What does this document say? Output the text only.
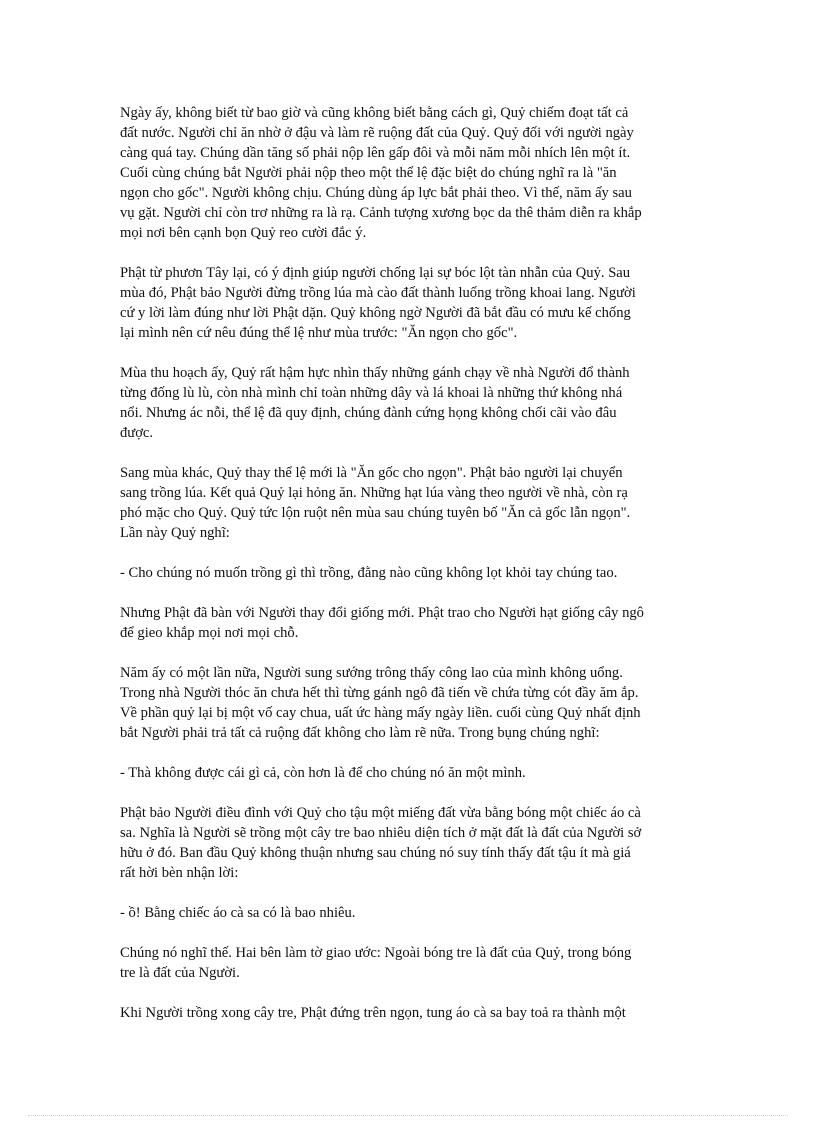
Ngày ấy, không biết từ bao giờ và cũng không biết bằng cách gì, Quỷ chiếm đoạt tất cả
đất nước. Người chỉ ăn nhờ ở đậu và làm rẽ ruộng đất của Quỷ. Quỷ đối với người ngày
càng quá tay. Chúng dần tăng số phải nộp lên gấp đôi và mỗi năm mỗi nhích lên một ít.
Cuối cùng chúng bắt Người phải nộp theo một thể lệ đặc biệt do chúng nghĩ ra là "ăn
ngọn cho gốc". Người không chịu. Chúng dùng áp lực bắt phải theo. Vì thế, năm ấy sau
vụ gặt. Người chỉ còn trơ những ra là rạ. Cảnh tượng xương bọc da thê thảm diễn ra khắp
mọi nơi bên cạnh bọn Quỷ reo cười đắc ý.

Phật từ phươn Tây lại, có ý định giúp người chống lại sự bóc lột tàn nhẫn của Quỷ. Sau
mùa đó, Phật bảo Người đừng trồng lúa mà cào đất thành luống trồng khoai lang. Người
cứ y lời làm đúng như lời Phật dặn. Quỷ không ngờ Người đã bắt đầu có mưu kế chống
lại mình nên cứ nêu đúng thể lệ như mùa trước: "Ăn ngọn cho gốc".

Mùa thu hoạch ấy, Quỷ rất hậm hực nhìn thấy những gánh chạy về nhà Người đổ thành
từng đống lù lù, còn nhà mình chỉ toàn những dây và lá khoai là những thứ không nhá
nổi. Nhưng ác nỗi, thể lệ đã quy định, chúng đành cứng họng không chối cãi vào đâu
được.

Sang mùa khác, Quỷ thay thể lệ mới là "Ăn gốc cho ngọn". Phật bảo người lại chuyển
sang trồng lúa. Kết quả Quỷ lại hỏng ăn. Những hạt lúa vàng theo người về nhà, còn rạ
phó mặc cho Quỷ. Quỷ tức lộn ruột nên mùa sau chúng tuyên bố "Ăn cả gốc lẫn ngọn".
Lần này Quỷ nghĩ:

- Cho chúng nó muốn trồng gì thì trồng, đằng nào cũng không lọt khỏi tay chúng tao.

Nhưng Phật đã bàn với Người thay đổi giống mới. Phật trao cho Người hạt giống cây ngô
để gieo khắp mọi nơi mọi chỗ.

Năm ấy có một lần nữa, Người sung sướng trông thấy công lao của mình không uổng.
Trong nhà Người thóc ăn chưa hết thì từng gánh ngô đã tiến về chứa từng cót đầy ăm ắp.
Về phần quỷ lại bị một vố cay chua, uất ức hàng mấy ngày liền. cuối cùng Quỷ nhất định
bắt Người phải trả tất cả ruộng đất không cho làm rẽ nữa. Trong bụng chúng nghĩ:

- Thà không được cái gì cả, còn hơn là để cho chúng nó ăn một mình.

Phật bảo Người điều đình với Quỷ cho tậu một miếng đất vừa bằng bóng một chiếc áo cà
sa. Nghĩa là Người sẽ trồng một cây tre bao nhiêu diện tích ở mặt đất là đất của Người sở
hữu ở đó. Ban đầu Quỷ không thuận nhưng sau chúng nó suy tính thấy đất tậu ít mà giá
rất hời bèn nhận lời:

- ồ! Bằng chiếc áo cà sa có là bao nhiêu.

Chúng nó nghĩ thế. Hai bên làm tờ giao ước: Ngoài bóng tre là đất của Quỷ, trong bóng
tre là đất của Người.

Khi Người trồng xong cây tre, Phật đứng trên ngọn, tung áo cà sa bay toả ra thành một
